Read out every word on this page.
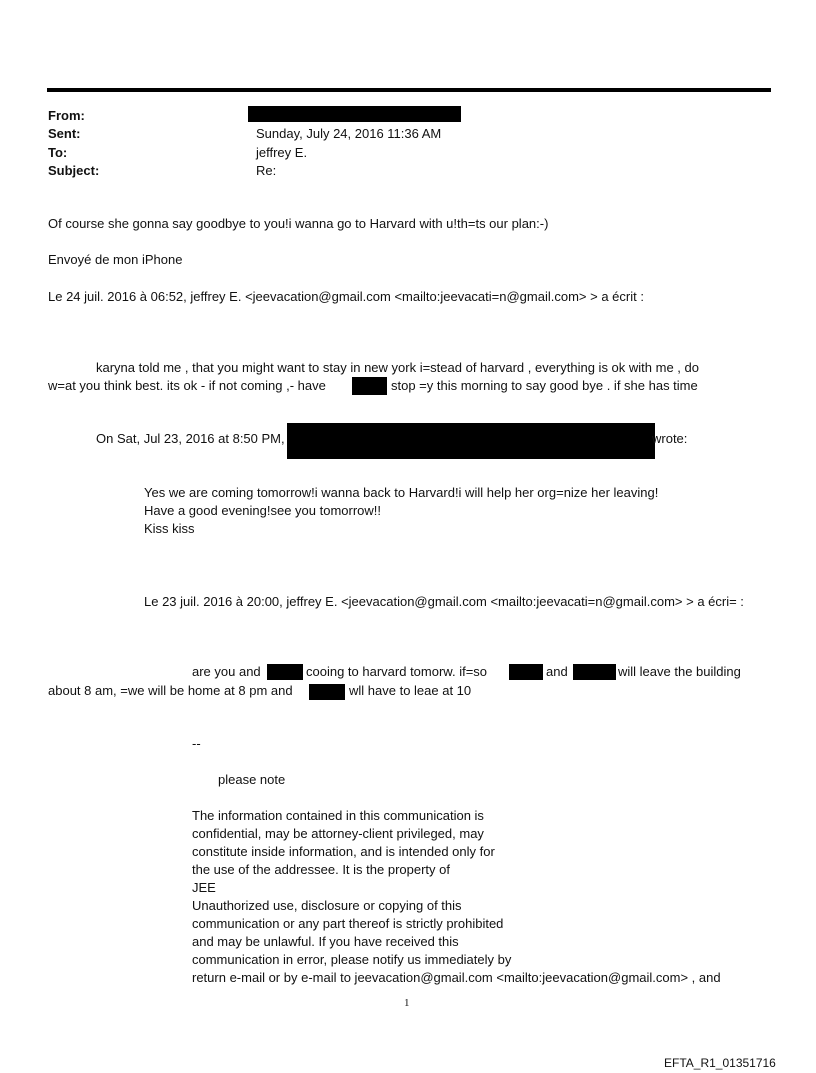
From:
Sent:	Sunday, July 24, 2016 11:36 AM
To:	jeffrey E.
Subject:	Re:
Of course she gonna say goodbye to you!i wanna go to Harvard with u!th=ts our plan:-)
Envoyé de mon iPhone
Le 24 juil. 2016 à 06:52, jeffrey E. <jeevacation@gmail.com <mailto:jeevacati=n@gmail.com> > a écrit :
karyna told me , that you might want to stay in new york i=stead of harvard , everything is ok with me , do
w=at you think best. its ok - if not coming ,- have	stop =y this morning to say good bye . if she has time
On Sat, Jul 23, 2016 at 8:50 PM,	wrote:
Yes we are coming tomorrow!i wanna back to Harvard!i will help her org=nize her leaving!
Have a good evening!see you tomorrow!!
Kiss kiss
Le 23 juil. 2016 à 20:00, jeffrey E. <jeevacation@gmail.com <mailto:jeevacati=n@gmail.com> > a écri= :
are you and	cooing to harvard tomorw. if=so	and	will leave the building
about 8 am, =we will be home at 8 pm and	wll have to leae at 10
--
please note
The information contained in this communication is
confidential, may be attorney-client privileged, may
constitute inside information, and is intended only for
the use of the addressee. It is the property of
JEE
Unauthorized use, disclosure or copying of this
communication or any part thereof is strictly prohibited
and may be unlawful. If you have received this
communication in error, please notify us immediately by
return e-mail or by e-mail to jeevacation@gmail.com <mailto:jeevacation@gmail.com> , and
1
EFTA_R1_01351716
